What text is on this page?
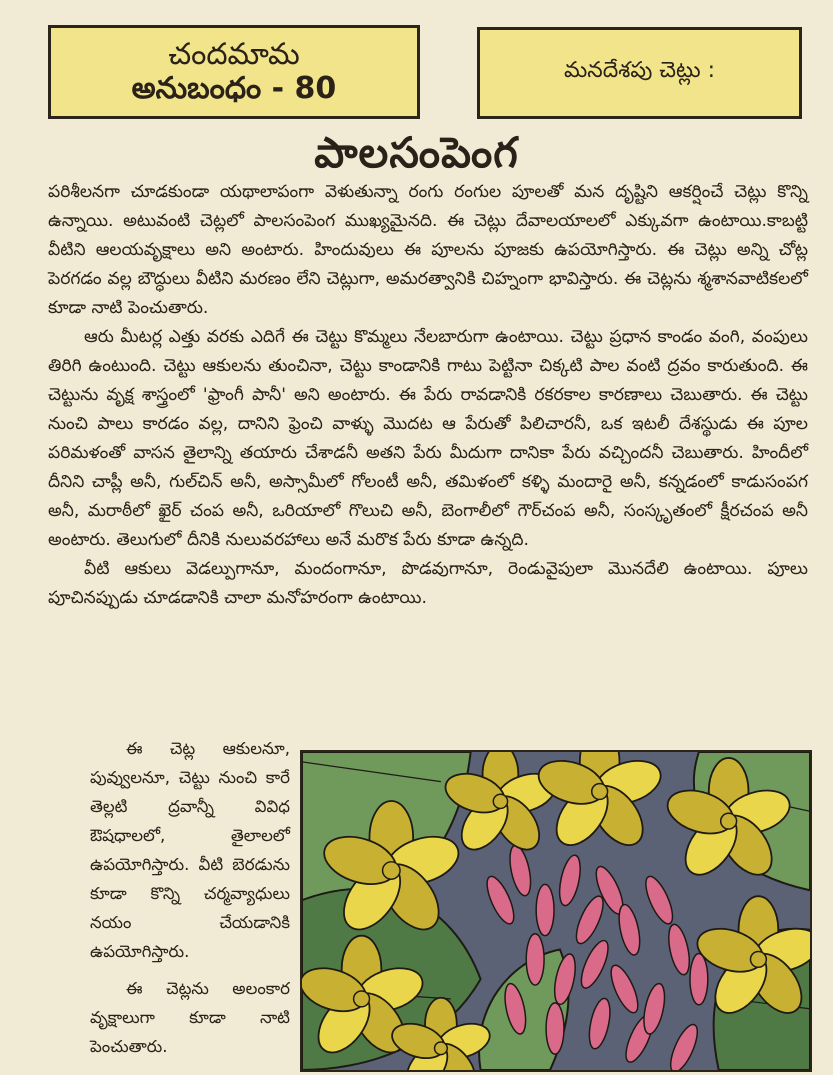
చందమామ
అనుబంధం - 80
మనదేశపు చెట్లు :
పాలసంపెంగ

పరిశీలనగా చూడకుండా యథాలాపంగా వెళుతున్నా రంగు రంగుల పూలతో మన దృష్టిని ఆకర్షించే చెట్లు కొన్ని ఉన్నాయి. అటువంటి చెట్లలో పాలసంపెంగ ముఖ్యమైనది. ఈ చెట్లు దేవాలయాలలో ఎక్కువగా ఉంటాయి.కాబట్టి వీటిని ఆలయవృక్షాలు అని అంటారు. హిందువులు ఈ పూలను పూజకు ఉపయోగిస్తారు. ఈ చెట్లు అన్ని చోట్ల పెరగడం వల్ల బౌద్ధులు వీటిని మరణం లేని చెట్లుగా, అమరత్వానికి చిహ్నంగా భావిస్తారు. ఈ చెట్లను శ్మశానవాటికలలో కూడా నాటి పెంచుతారు.

ఆరు మీటర్ల ఎత్తు వరకు ఎదిగే ఈ చెట్టు కొమ్మలు నేలబారుగా ఉంటాయి. చెట్టు ప్రధాన కాండం వంగి, వంపులు తిరిగి ఉంటుంది. చెట్టు ఆకులను తుంచినా, చెట్టు కాండానికి గాటు పెట్టినా చిక్కటి పాల వంటి ద్రవం కారుతుంది. ఈ చెట్టును వృక్ష శాస్త్రంలో 'ఫ్రాంగీ పానీ' అని అంటారు. ఈ పేరు రావడానికి రకరకాల కారణాలు చెబుతారు. ఈ చెట్టు నుంచి పాలు కారడం వల్ల, దానిని ఫ్రెంచి వాళ్ళు మొదట ఆ పేరుతో పిలిచారనీ, ఒక ఇటలీ దేశస్థుడు ఈ పూల పరిమళంతో వాసన తైలాన్ని తయారు చేశాడనీ అతని పేరు మీదుగా దానికా పేరు వచ్చిందనీ చెబుతారు. హిందీలో దీనిని చాప్లీ అనీ, గుల్‌చిన్ అనీ, అస్సామీలో గోలంటీ అనీ, తమిళంలో కళ్ళి మందారై అనీ, కన్నడంలో కాడుసంపగ అనీ, మరాఠీలో ఖైర్ చంప అనీ, ఒరియాలో గొలుచి అనీ, బెంగాలీలో గౌర్‌చంప అనీ, సంస్కృతంలో క్షీరచంప అనీ అంటారు. తెలుగులో దీనికి నులువరహాలు అనే మరొక పేరు కూడా ఉన్నది.

వీటి ఆకులు వెడల్పుగానూ, మందంగానూ, పొడవుగానూ, రెండువైపులా మొనదేలి ఉంటాయి. పూలు పూచినప్పుడు చూడడానికి చాలా మనోహరంగా ఉంటాయి.

ఈ చెట్ల ఆకులనూ, పువ్వులనూ, చెట్టు నుంచి కారే తెల్లటి ద్రవాన్నీ వివిధ ఔషధాలలో, తైలాలలో ఉపయోగిస్తారు. వీటి బెరడును కూడా కొన్ని చర్మవ్యాధులు నయం చేయడానికి ఉపయోగిస్తారు.

ఈ చెట్లను అలంకార వృక్షాలుగా కూడా నాటి పెంచుతారు.
